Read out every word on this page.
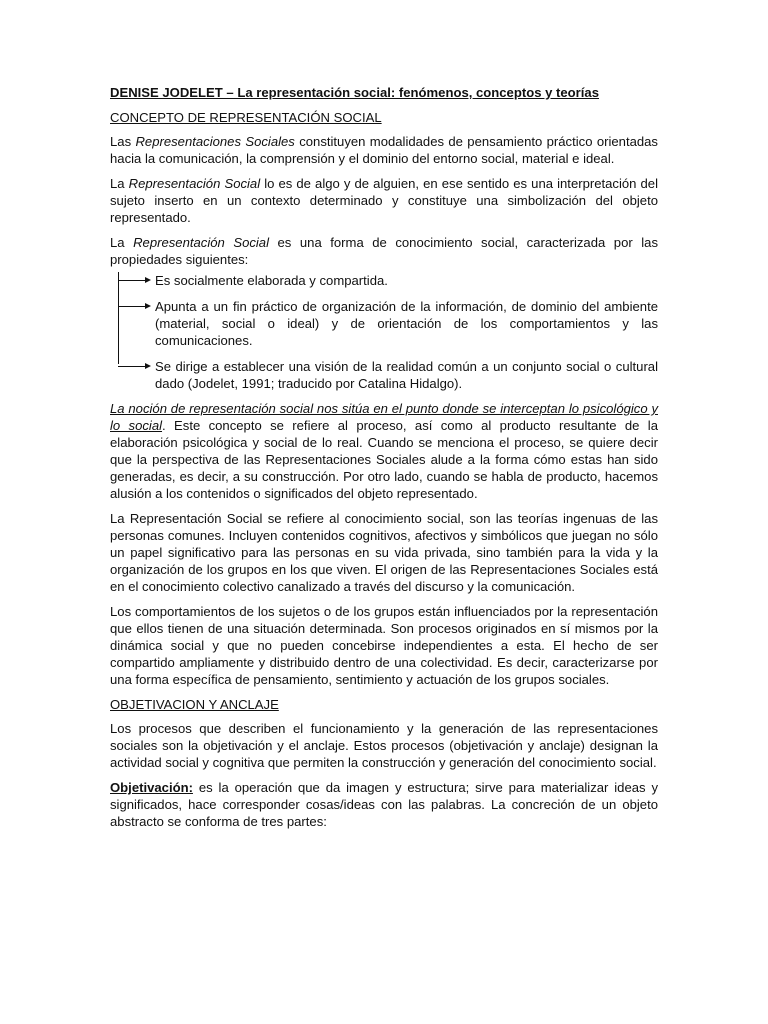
DENISE JODELET – La representación social: fenómenos, conceptos y teorías
CONCEPTO DE REPRESENTACIÓN SOCIAL

Las Representaciones Sociales constituyen modalidades de pensamiento práctico orientadas hacia la comunicación, la comprensión y el dominio del entorno social, material e ideal.

La Representación Social lo es de algo y de alguien, en ese sentido es una interpretación del sujeto inserto en un contexto determinado y constituye una simbolización del objeto representado.

La Representación Social es una forma de conocimiento social, caracterizada por las propiedades siguientes:

Es socialmente elaborada y compartida.
Apunta a un fin práctico de organización de la información, de dominio del ambiente (material, social o ideal) y de orientación de los comportamientos y las comunicaciones.
Se dirige a establecer una visión de la realidad común a un conjunto social o cultural dado (Jodelet, 1991; traducido por Catalina Hidalgo).

La noción de representación social nos sitúa en el punto donde se interceptan lo psicológico y lo social. Este concepto se refiere al proceso, así como al producto resultante de la elaboración psicológica y social de lo real. Cuando se menciona el proceso, se quiere decir que la perspectiva de las Representaciones Sociales alude a la forma cómo estas han sido generadas, es decir, a su construcción. Por otro lado, cuando se habla de producto, hacemos alusión a los contenidos o significados del objeto representado.

La Representación Social se refiere al conocimiento social, son las teorías ingenuas de las personas comunes. Incluyen contenidos cognitivos, afectivos y simbólicos que juegan no sólo un papel significativo para las personas en su vida privada, sino también para la vida y la organización de los grupos en los que viven. El origen de las Representaciones Sociales está en el conocimiento colectivo canalizado a través del discurso y la comunicación.

Los comportamientos de los sujetos o de los grupos están influenciados por la representación que ellos tienen de una situación determinada. Son procesos originados en sí mismos por la dinámica social y que no pueden concebirse independientes a esta. El hecho de ser compartido ampliamente y distribuido dentro de una colectividad. Es decir, caracterizarse por una forma específica de pensamiento, sentimiento y actuación de los grupos sociales.

OBJETIVACION Y ANCLAJE

Los procesos que describen el funcionamiento y la generación de las representaciones sociales son la objetivación y el anclaje. Estos procesos (objetivación y anclaje) designan la actividad social y cognitiva que permiten la construcción y generación del conocimiento social.

Objetivación: es la operación que da imagen y estructura; sirve para materializar ideas y significados, hace corresponder cosas/ideas con las palabras. La concreción de un objeto abstracto se conforma de tres partes:
